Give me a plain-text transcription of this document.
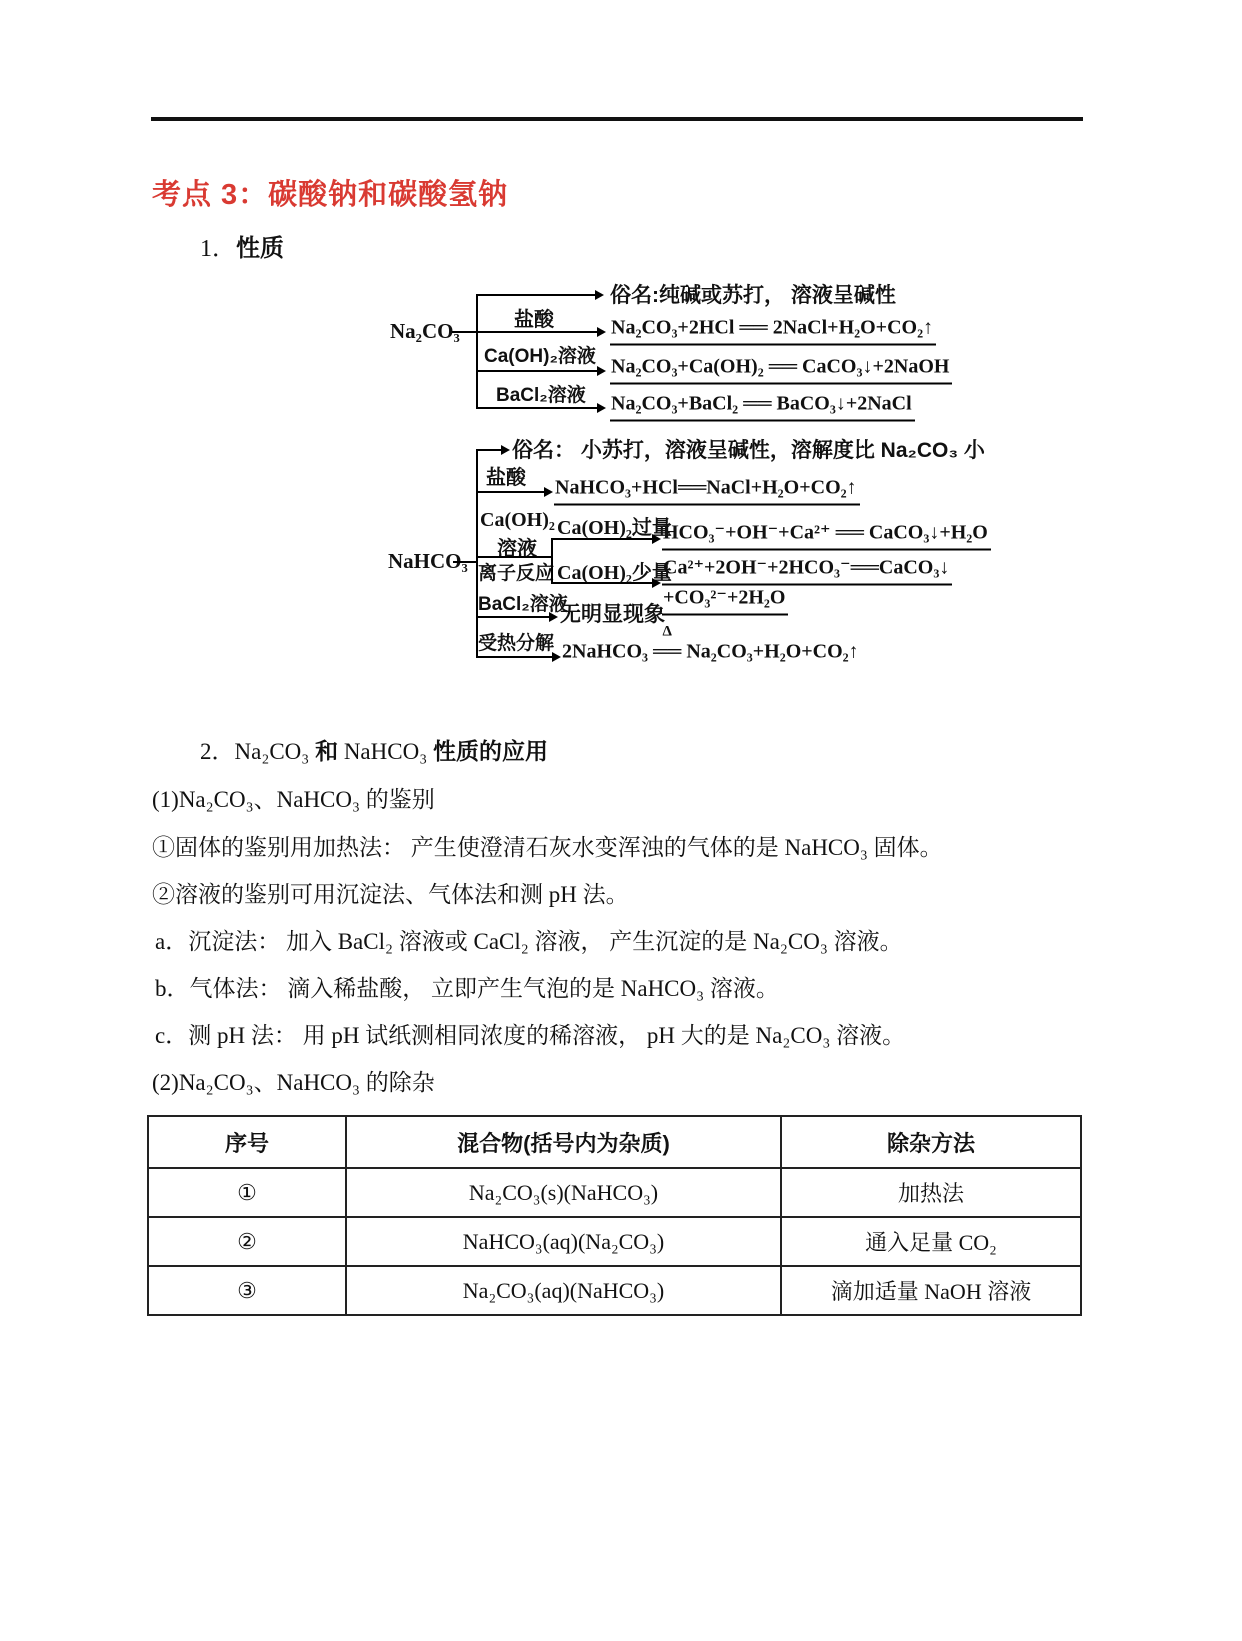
考点 3：碳酸钠和碳酸氢钠
1．性质
Na₂CO₃
俗名:纯碱或苏打， 溶液呈碱性
盐酸	Na₂CO₃+2HCl ══ 2NaCl+H₂O+CO₂↑
Ca(OH)₂溶液 Na₂CO₃+Ca(OH)₂ ══ CaCO₃↓+2NaOH
BaCl₂溶液 Na₂CO₃+BaCl₂ ══ BaCO₃↓+2NaCl
NaHCO₃
俗名： 小苏打，溶液呈碱性，溶解度比 Na₂CO₃ 小
盐酸 NaHCO₃+HCl══NaCl+H₂O+CO₂↑
Ca(OH)₂
溶液
离子反应
Ca(OH)₂过量
HCO₃⁻+OH⁻+Ca²⁺ ══ CaCO₃↓+H₂O
Ca(OH)₂少量
Ca²⁺+2OH⁻+2HCO₃⁻══CaCO₃↓
+CO₃²⁻+2H₂O
BaCl₂溶液
无明显现象
受热分解 2NaHCO₃
Δ
══ Na₂CO₃+H₂O+CO₂↑
2．Na₂CO₃ 和 NaHCO₃ 性质的应用
(1)Na₂CO₃、NaHCO₃ 的鉴别
①固体的鉴别用加热法： 产生使澄清石灰水变浑浊的气体的是 NaHCO₃ 固体。
②溶液的鉴别可用沉淀法、气体法和测 pH 法。
a．沉淀法： 加入 BaCl₂ 溶液或 CaCl₂ 溶液， 产生沉淀的是 Na₂CO₃ 溶液。
b．气体法： 滴入稀盐酸， 立即产生气泡的是 NaHCO₃ 溶液。
c．测 pH 法： 用 pH 试纸测相同浓度的稀溶液， pH 大的是 Na₂CO₃ 溶液。
(2)Na₂CO₃、NaHCO₃ 的除杂
序号	混合物(括号内为杂质)	除杂方法
①	Na₂CO₃(s)(NaHCO₃)	加热法
②	NaHCO₃(aq)(Na₂CO₃)	通入足量 CO₂
③	Na₂CO₃(aq)(NaHCO₃)	滴加适量 NaOH 溶液
